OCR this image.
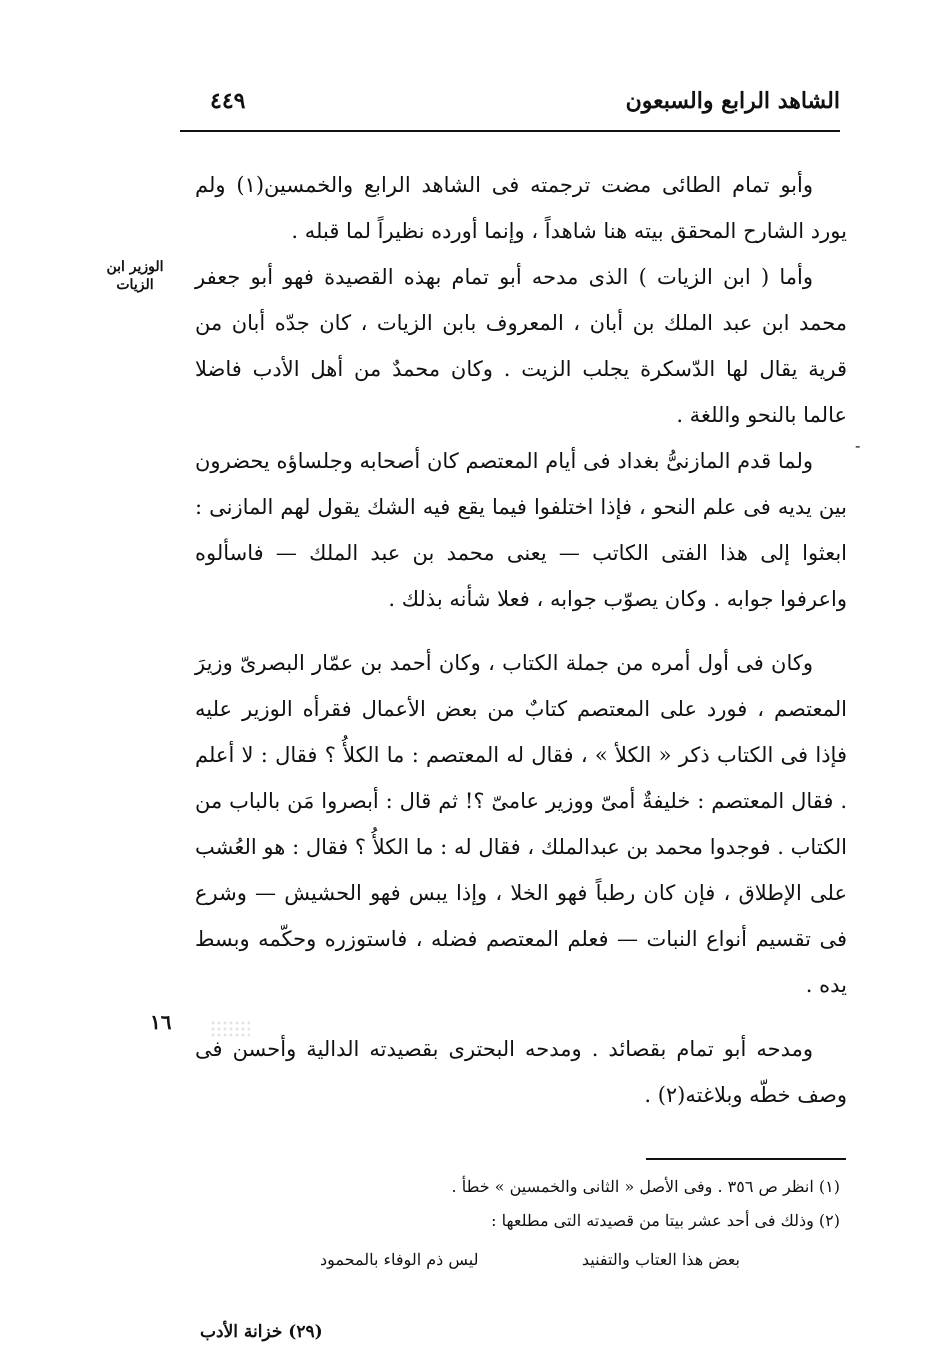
الشاهد الرابع والسبعون
٤٤٩
الوزير ابن الزيات
-

وأبو تمام الطائى مضت ترجمته فى الشاهد الرابع والخمسين(١) ولم يورد الشارح المحقق بيته هنا شاهداً ، وإنما أورده نظيراً لما قبله .

وأما ( ابن الزيات ) الذى مدحه أبو تمام بهذه القصيدة فهو أبو جعفر محمد ابن عبد الملك بن أبان ، المعروف بابن الزيات ، كان جدّه أبان من قرية يقال لها الدّسكرة يجلب الزيت . وكان محمدٌ من أهل الأدب فاضلا عالما بالنحو واللغة .

ولما قدم المازنىُّ بغداد فى أيام المعتصم كان أصحابه وجلساؤه يحضرون بين يديه فى علم النحو ، فإذا اختلفوا فيما يقع فيه الشك يقول لهم المازنى : ابعثوا إلى هذا الفتى الكاتب — يعنى محمد بن عبد الملك — فاسألوه واعرفوا جوابه . وكان يصوّب جوابه ، فعلا شأنه بذلك .

وكان فى أول أمره من جملة الكتاب ، وكان أحمد بن عمّار البصرىّ وزيرَ المعتصم ، فورد على المعتصم كتابٌ من بعض الأعمال فقرأه الوزير عليه فإذا فى الكتاب ذكر « الكلأ » ، فقال له المعتصم : ما الكلأُ ؟ فقال : لا أعلم . فقال المعتصم : خليفةٌ أمىّ ووزير عامىّ ؟! ثم قال : أبصروا مَن بالباب من الكتاب . فوجدوا محمد بن عبدالملك ، فقال له : ما الكلأُ ؟ فقال : هو العُشب على الإطلاق ، فإن كان رطباً فهو الخلا ، وإذا يبس فهو الحشيش — وشرع فى تقسيم أنواع النبات — فعلم المعتصم فضله ، فاستوزره وحكّمه وبسط يده .

ومدحه أبو تمام بقصائد . ومدحه البحترى بقصيدته الدالية وأحسن فى وصف خطّه وبلاغته(٢) .

١٦

(١) انظر ص ٣٥٦ . وفى الأصل « الثانى والخمسين » خطأ .

(٢) وذلك فى أحد عشر بيتا من قصيدته التى مطلعها :

بعض هذا العتاب والتفنيد
ليس ذم الوفاء بالمحمود
(٢٩) خزانة الأدب
